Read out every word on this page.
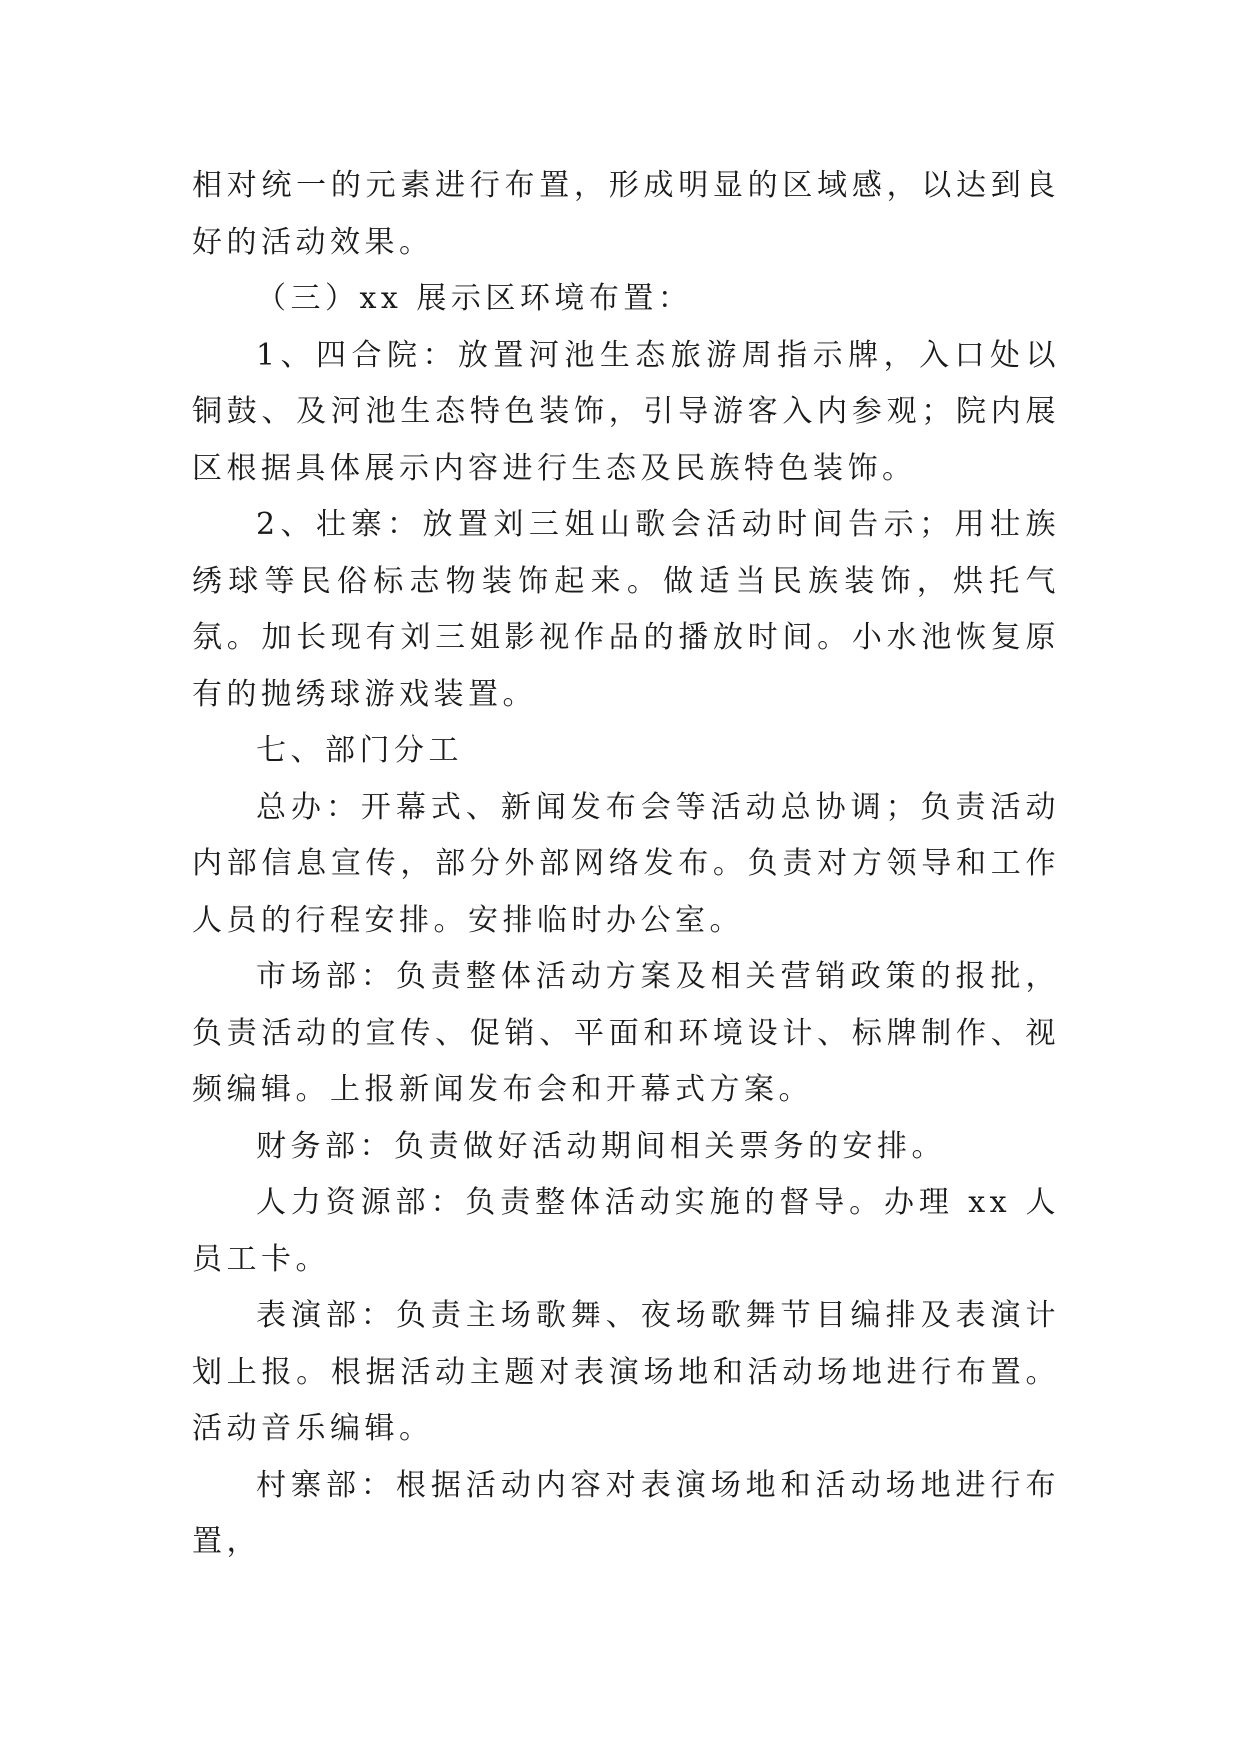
相对统一的元素进行布置，形成明显的区域感，以达到良好的活动效果。

（三）xx 展示区环境布置：

1、四合院：放置河池生态旅游周指示牌，入口处以铜鼓、及河池生态特色装饰，引导游客入内参观；院内展区根据具体展示内容进行生态及民族特色装饰。

2、壮寨：放置刘三姐山歌会活动时间告示；用壮族绣球等民俗标志物装饰起来。做适当民族装饰，烘托气氛。加长现有刘三姐影视作品的播放时间。小水池恢复原有的抛绣球游戏装置。

七、部门分工

总办：开幕式、新闻发布会等活动总协调；负责活动内部信息宣传，部分外部网络发布。负责对方领导和工作人员的行程安排。安排临时办公室。

市场部：负责整体活动方案及相关营销政策的报批，负责活动的宣传、促销、平面和环境设计、标牌制作、视频编辑。上报新闻发布会和开幕式方案。

财务部：负责做好活动期间相关票务的安排。

人力资源部：负责整体活动实施的督导。办理 xx 人员工卡。

表演部：负责主场歌舞、夜场歌舞节目编排及表演计划上报。根据活动主题对表演场地和活动场地进行布置。活动音乐编辑。

村寨部：根据活动内容对表演场地和活动场地进行布置，
